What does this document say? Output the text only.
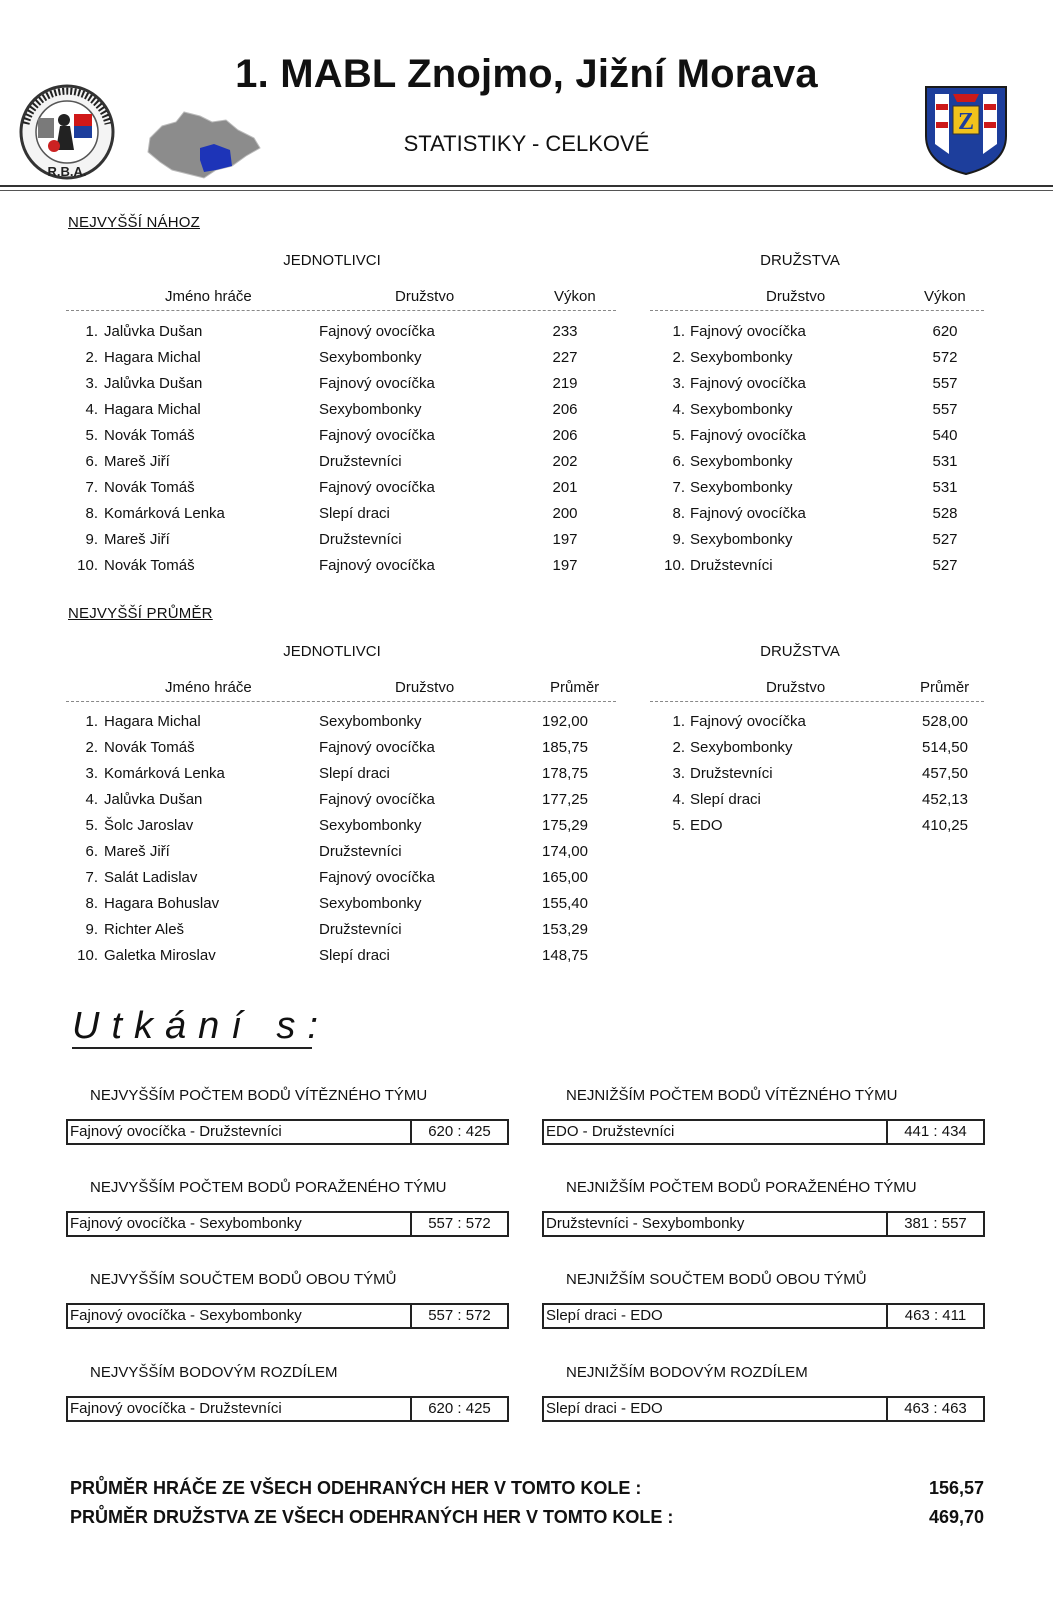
R.B.A.
1. MABL Znojmo, Jižní Morava
STATISTIKY - CELKOVÉ
Z
NEJVYŠŠÍ NÁHOZ
JEDNOTLIVCI	DRUŽSTVA
Jméno hráče	Družstvo	Výkon	Družstvo	Výkon
1. Jalůvka Dušan	Fajnový ovocíčka	233
2. Hagara Michal	Sexybombonky	227
3. Jalůvka Dušan	Fajnový ovocíčka	219
4. Hagara Michal	Sexybombonky	206
5. Novák Tomáš	Fajnový ovocíčka	206
6. Mareš Jiří	Družstevníci	202
7. Novák Tomáš	Fajnový ovocíčka	201
8. Komárková Lenka	Slepí draci	200
9. Mareš Jiří	Družstevníci	197
10. Novák Tomáš	Fajnový ovocíčka	197
1. Fajnový ovocíčka	620
2. Sexybombonky	572
3. Fajnový ovocíčka	557
4. Sexybombonky	557
5. Fajnový ovocíčka	540
6. Sexybombonky	531
7. Sexybombonky	531
8. Fajnový ovocíčka	528
9. Sexybombonky	527
10. Družstevníci	527
NEJVYŠŠÍ PRŮMĚR
JEDNOTLIVCI	DRUŽSTVA
Jméno hráče	Družstvo	Průměr	Družstvo	Průměr
1. Hagara Michal	Sexybombonky	192,00
2. Novák Tomáš	Fajnový ovocíčka	185,75
3. Komárková Lenka	Slepí draci	178,75
4. Jalůvka Dušan	Fajnový ovocíčka	177,25
5. Šolc Jaroslav	Sexybombonky	175,29
6. Mareš Jiří	Družstevníci	174,00
7. Salát Ladislav	Fajnový ovocíčka	165,00
8. Hagara Bohuslav	Sexybombonky	155,40
9. Richter Aleš	Družstevníci	153,29
10. Galetka Miroslav	Slepí draci	148,75
1. Fajnový ovocíčka	528,00
2. Sexybombonky	514,50
3. Družstevníci	457,50
4. Slepí draci	452,13
5. EDO	410,25
Utkání s:
NEJVYŠŠÍM POČTEM BODŮ VÍTĚZNÉHO TÝMU
Fajnový ovocíčka - Družstevníci	620 : 425
NEJNIŽŠÍM POČTEM BODŮ VÍTĚZNÉHO TÝMU
EDO - Družstevníci	441 : 434
NEJVYŠŠÍM POČTEM BODŮ PORAŽENÉHO TÝMU
Fajnový ovocíčka - Sexybombonky	557 : 572
NEJNIŽŠÍM POČTEM BODŮ PORAŽENÉHO TÝMU
Družstevníci - Sexybombonky	381 : 557
NEJVYŠŠÍM SOUČTEM BODŮ OBOU TÝMŮ
Fajnový ovocíčka - Sexybombonky	557 : 572
NEJNIŽŠÍM SOUČTEM BODŮ OBOU TÝMŮ
Slepí draci - EDO	463 : 411
NEJVYŠŠÍM BODOVÝM ROZDÍLEM
Fajnový ovocíčka - Družstevníci	620 : 425
NEJNIŽŠÍM BODOVÝM ROZDÍLEM
Slepí draci - EDO	463 : 463
PRŮMĚR HRÁČE ZE VŠECH ODEHRANÝCH HER V TOMTO KOLE :	156,57
PRŮMĚR DRUŽSTVA ZE VŠECH ODEHRANÝCH HER V TOMTO KOLE :	469,70
